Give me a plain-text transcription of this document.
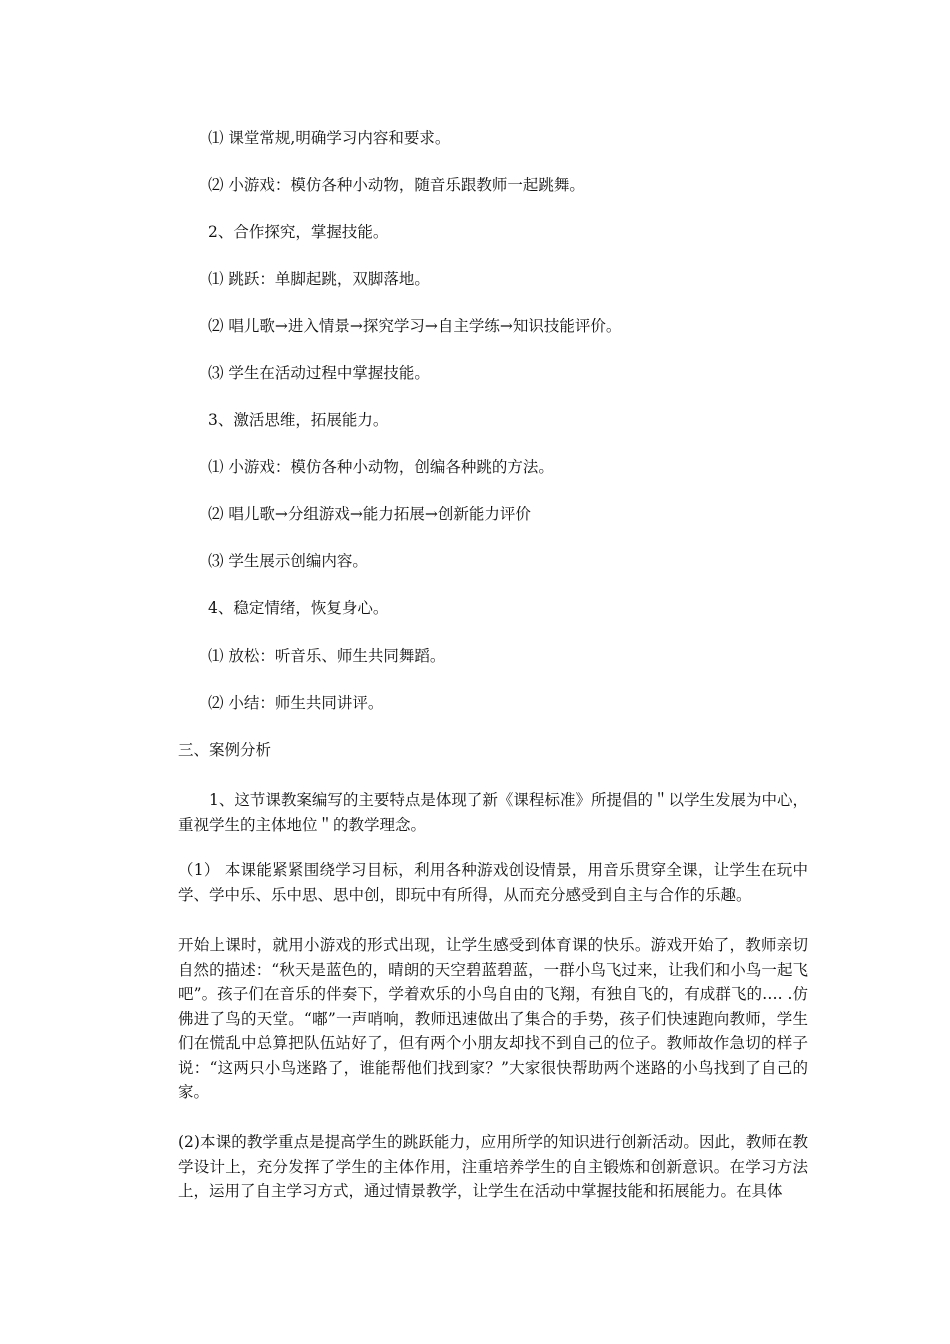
⑴ 课堂常规,明确学习内容和要求。
⑵ 小游戏：模仿各种小动物，随音乐跟教师一起跳舞。
2、合作探究，掌握技能。
⑴ 跳跃：单脚起跳，双脚落地。
⑵ 唱儿歌→进入情景→探究学习→自主学练→知识技能评价。
⑶ 学生在活动过程中掌握技能。
3、激活思维，拓展能力。
⑴ 小游戏：模仿各种小动物，创编各种跳的方法。
⑵ 唱儿歌→分组游戏→能力拓展→创新能力评价
⑶ 学生展示创编内容。
4、稳定情绪，恢复身心。
⑴ 放松：听音乐、师生共同舞蹈。
⑵ 小结：师生共同讲评。
三、案例分析

　　1、这节课教案编写的主要特点是体现了新《课程标准》所提倡的＂以学生发展为中心，重视学生的主体地位＂的教学理念。

（1） 本课能紧紧围绕学习目标，利用各种游戏创设情景，用音乐贯穿全课，让学生在玩中学、学中乐、乐中思、思中创，即玩中有所得，从而充分感受到自主与合作的乐趣。

开始上课时，就用小游戏的形式出现，让学生感受到体育课的快乐。游戏开始了，教师亲切自然的描述：“秋天是蓝色的，晴朗的天空碧蓝碧蓝，一群小鸟飞过来，让我们和小鸟一起飞吧”。孩子们在音乐的伴奏下，学着欢乐的小鸟自由的飞翔，有独自飞的，有成群飞的…. .仿佛进了鸟的天堂。“嘟”一声哨响，教师迅速做出了集合的手势，孩子们快速跑向教师，学生们在慌乱中总算把队伍站好了，但有两个小朋友却找不到自己的位子。教师故作急切的样子说：“这两只小鸟迷路了，谁能帮他们找到家？”大家很快帮助两个迷路的小鸟找到了自己的家。

(2)本课的教学重点是提高学生的跳跃能力，应用所学的知识进行创新活动。因此，教师在教学设计上，充分发挥了学生的主体作用，注重培养学生的自主锻炼和创新意识。在学习方法上，运用了自主学习方式，通过情景教学，让学生在活动中掌握技能和拓展能力。在具体
